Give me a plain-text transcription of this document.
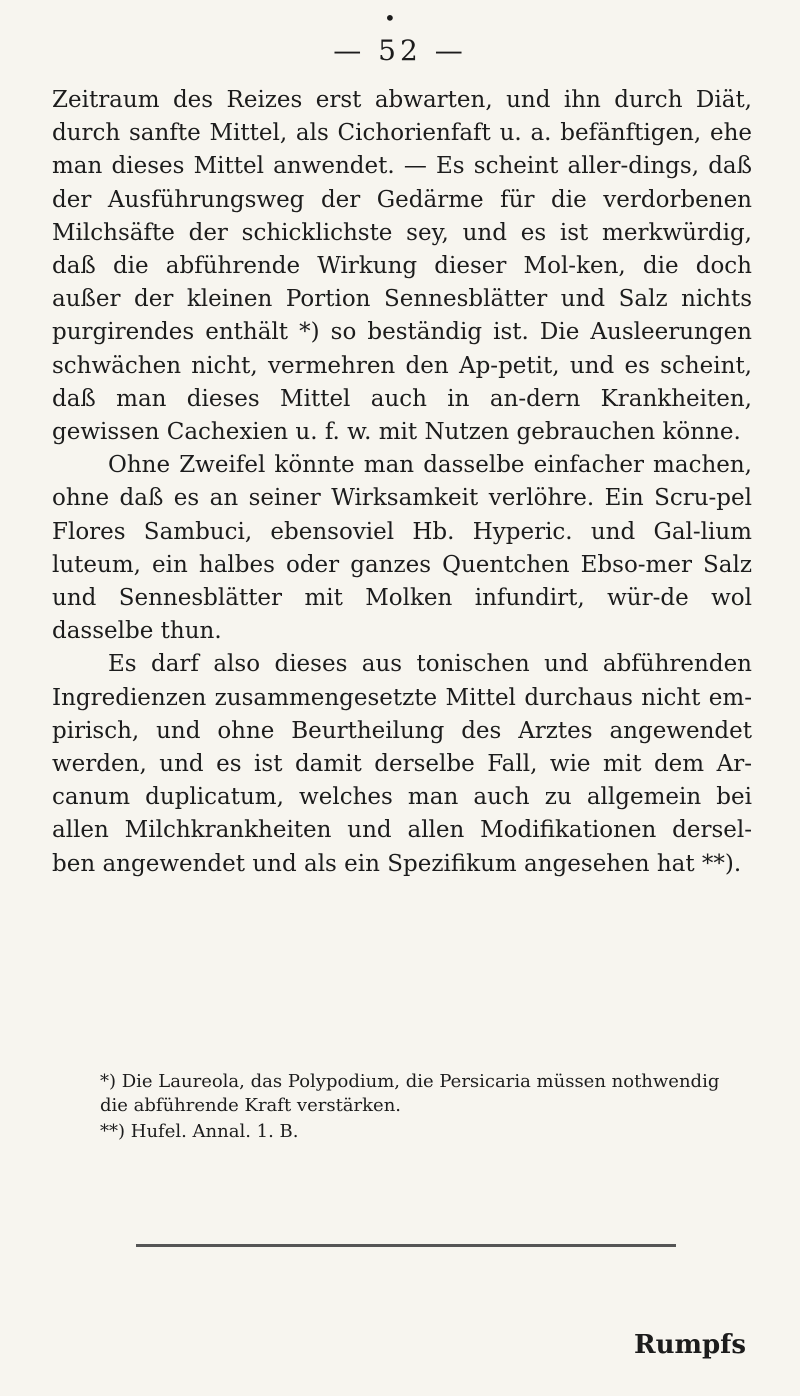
•
— 52 —

Zeitraum des Reizes erst abwarten, und ihn durch Diät, durch sanfte Mittel, als Cichorienfaft u. a. befänftigen, ehe man dieses Mittel anwendet. — Es scheint aller-dings, daß der Ausführungsweg der Gedärme für die verdorbenen Milchsäfte der schicklichste sey, und es ist merkwürdig, daß die abführende Wirkung dieser Mol-ken, die doch außer der kleinen Portion Sennesblätter und Salz nichts purgirendes enthält *) so beständig ist. Die Ausleerungen schwächen nicht, vermehren den Ap-petit, und es scheint, daß man dieses Mittel auch in an-dern Krankheiten, gewissen Cachexien u. f. w. mit Nutzen gebrauchen könne.

Ohne Zweifel könnte man dasselbe einfacher machen, ohne daß es an seiner Wirksamkeit verlöhre. Ein Scru-pel Flores Sambuci, ebensoviel Hb. Hyperic. und Gal-lium luteum, ein halbes oder ganzes Quentchen Ebso-mer Salz und Sennesblätter mit Molken infundirt, wür-de wol dasselbe thun.

Es darf also dieses aus tonischen und abführenden Ingredienzen zusammengesetzte Mittel durchaus nicht em-pirisch, und ohne Beurtheilung des Arztes angewendet werden, und es ist damit derselbe Fall, wie mit dem Ar-canum duplicatum, welches man auch zu allgemein bei allen Milchkrankheiten und allen Modifikationen dersel-ben angewendet und als ein Spezifikum angesehen hat **).

*) Die Laureola, das Polypodium, die Persicaria müssen nothwendig die abführende Kraft verstärken.

**) Hufel. Annal. 1. B.

Rumpfs
